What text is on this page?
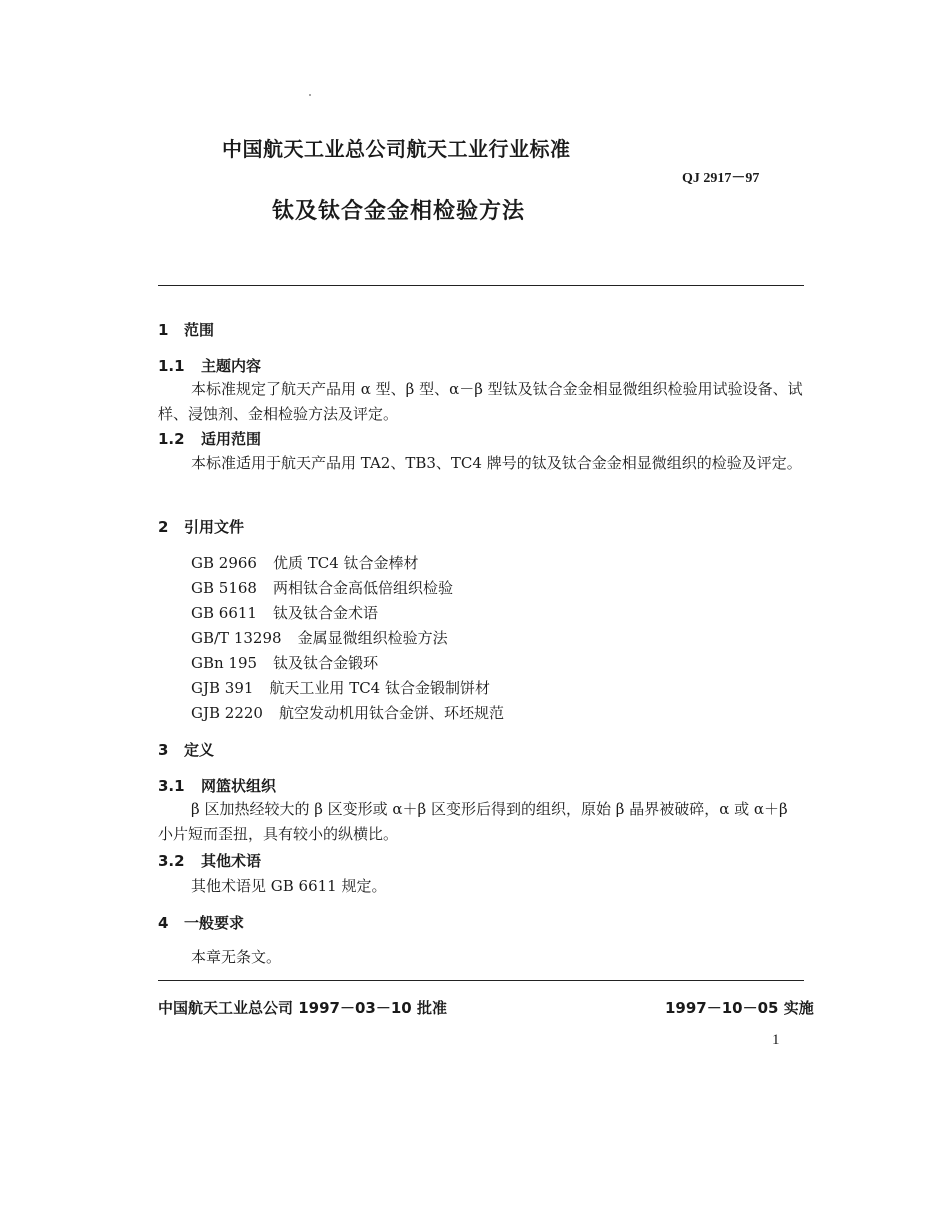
中国航天工业总公司航天工业行业标准
QJ 2917－97
钛及钛合金金相检验方法
1 范围
1.1 主题内容
本标准规定了航天产品用 α 型、β 型、α－β 型钛及钛合金金相显微组织检验用试验设备、试样、浸蚀剂、金相检验方法及评定。
1.2 适用范围
本标准适用于航天产品用 TA2、TB3、TC4 牌号的钛及钛合金金相显微组织的检验及评定。
2 引用文件
GB 2966 优质 TC4 钛合金棒材
GB 5168 两相钛合金高低倍组织检验
GB 6611 钛及钛合金术语
GB/T 13298 金属显微组织检验方法
GBn 195 钛及钛合金锻环
GJB 391 航天工业用 TC4 钛合金锻制饼材
GJB 2220 航空发动机用钛合金饼、环坯规范
3 定义
3.1 网篮状组织
β 区加热经较大的 β 区变形或 α＋β 区变形后得到的组织，原始 β 晶界被破碎，α 或 α＋β 小片短而歪扭，具有较小的纵横比。
3.2 其他术语
其他术语见 GB 6611 规定。
4 一般要求
本章无条文。
中国航天工业总公司 1997－03－10 批准	1997－10－05 实施
1
